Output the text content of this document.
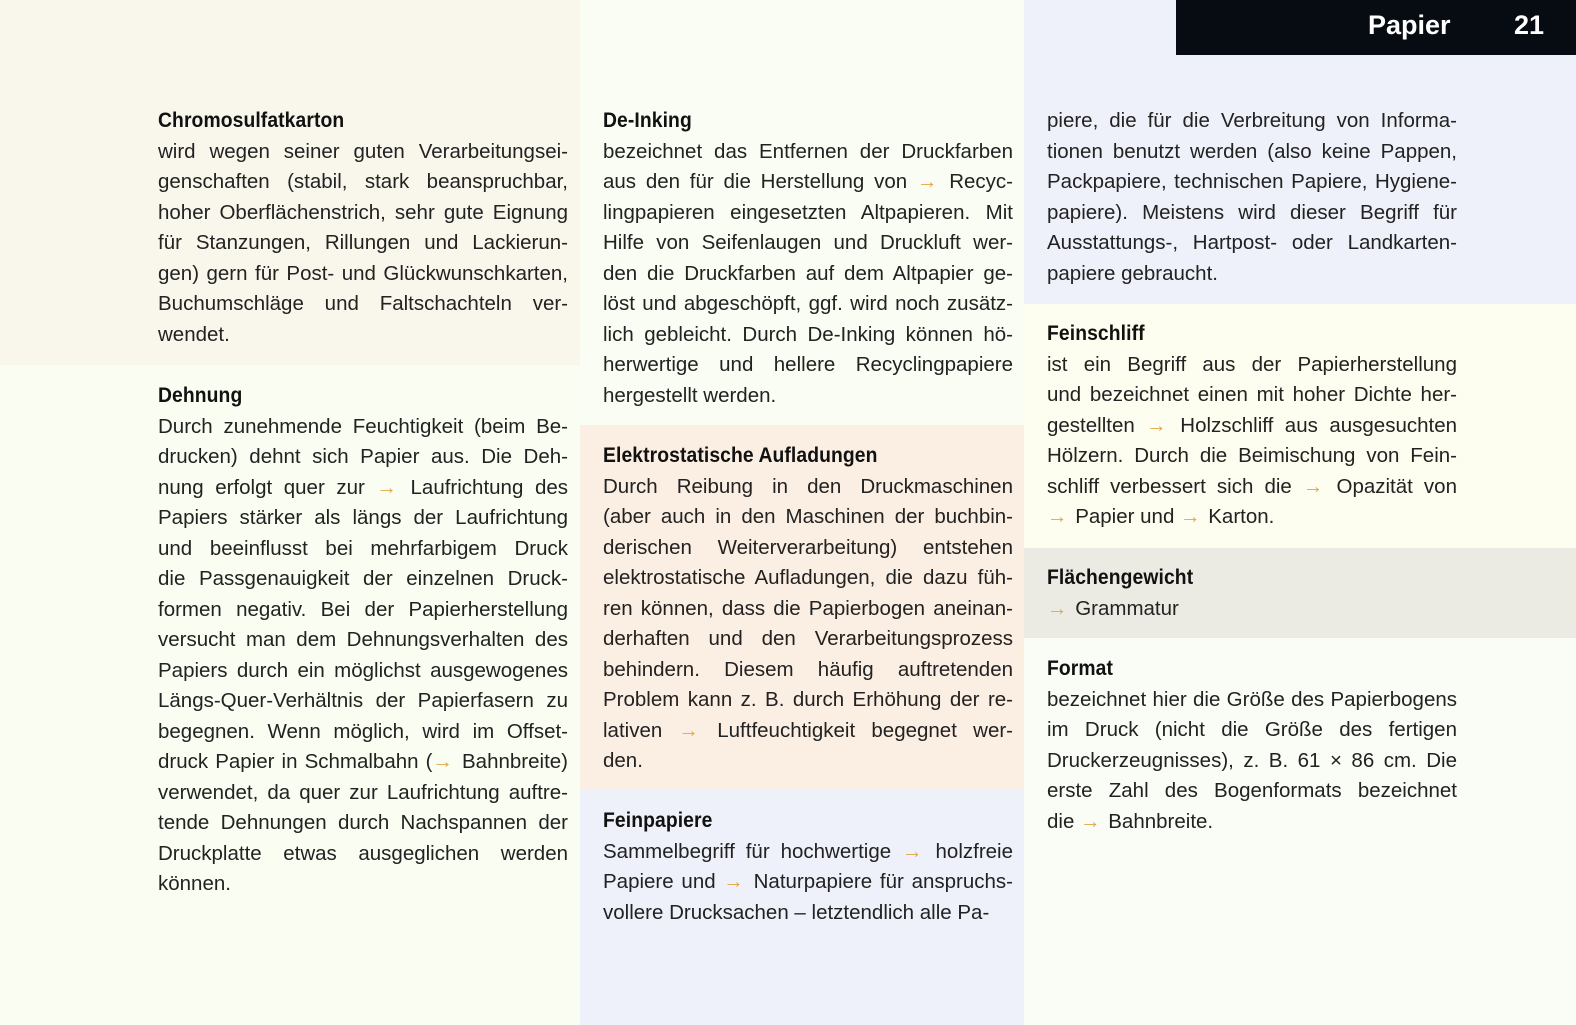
Papier 21
Chromosulfatkarton
wird wegen seiner guten Verarbeitungsei-
genschaften (stabil, stark beanspruchbar,
hoher Oberflächenstrich, sehr gute Eignung
für Stanzungen, Rillungen und Lackierun-
gen) gern für Post- und Glückwunschkarten,
Buchumschläge und Faltschachteln ver-
wendet.
Dehnung
Durch zunehmende Feuchtigkeit (beim Be-
drucken) dehnt sich Papier aus. Die Deh-
nung erfolgt quer zur → Laufrichtung des
Papiers stärker als längs der Laufrichtung
und beeinflusst bei mehrfarbigem Druck
die Passgenauigkeit der einzelnen Druck-
formen negativ. Bei der Papierherstellung
versucht man dem Dehnungsverhalten des
Papiers durch ein möglichst ausgewogenes
Längs-Quer-Verhältnis der Papierfasern zu
begegnen. Wenn möglich, wird im Offset-
druck Papier in Schmalbahn (→ Bahnbreite)
verwendet, da quer zur Laufrichtung auftre-
tende Dehnungen durch Nachspannen der
Druckplatte etwas ausgeglichen werden
können.
De-Inking
bezeichnet das Entfernen der Druckfarben
aus den für die Herstellung von → Recyc-
lingpapieren eingesetzten Altpapieren. Mit
Hilfe von Seifenlaugen und Druckluft wer-
den die Druckfarben auf dem Altpapier ge-
löst und abgeschöpft, ggf. wird noch zusätz-
lich gebleicht. Durch De-Inking können hö-
herwertige und hellere Recyclingpapiere
hergestellt werden.
Elektrostatische Aufladungen
Durch Reibung in den Druckmaschinen
(aber auch in den Maschinen der buchbin-
derischen Weiterverarbeitung) entstehen
elektrostatische Aufladungen, die dazu füh-
ren können, dass die Papierbogen aneinan-
derhaften und den Verarbeitungsprozess
behindern. Diesem häufig auftretenden
Problem kann z. B. durch Erhöhung der re-
lativen → Luftfeuchtigkeit begegnet wer-
den.
Feinpapiere
Sammelbegriff für hochwertige → holzfreie
Papiere und → Naturpapiere für anspruchs-
vollere Drucksachen – letztendlich alle Pa-
piere, die für die Verbreitung von Informa-
tionen benutzt werden (also keine Pappen,
Packpapiere, technischen Papiere, Hygiene-
papiere). Meistens wird dieser Begriff für
Ausstattungs-, Hartpost- oder Landkarten-
papiere gebraucht.
Feinschliff
ist ein Begriff aus der Papierherstellung
und bezeichnet einen mit hoher Dichte her-
gestellten → Holzschliff aus ausgesuchten
Hölzern. Durch die Beimischung von Fein-
schliff verbessert sich die → Opazität von
→ Papier und → Karton.
Flächengewicht
→ Grammatur
Format
bezeichnet hier die Größe des Papierbogens
im Druck (nicht die Größe des fertigen
Druckerzeugnisses), z. B. 61 × 86 cm. Die
erste Zahl des Bogenformats bezeichnet
die → Bahnbreite.
